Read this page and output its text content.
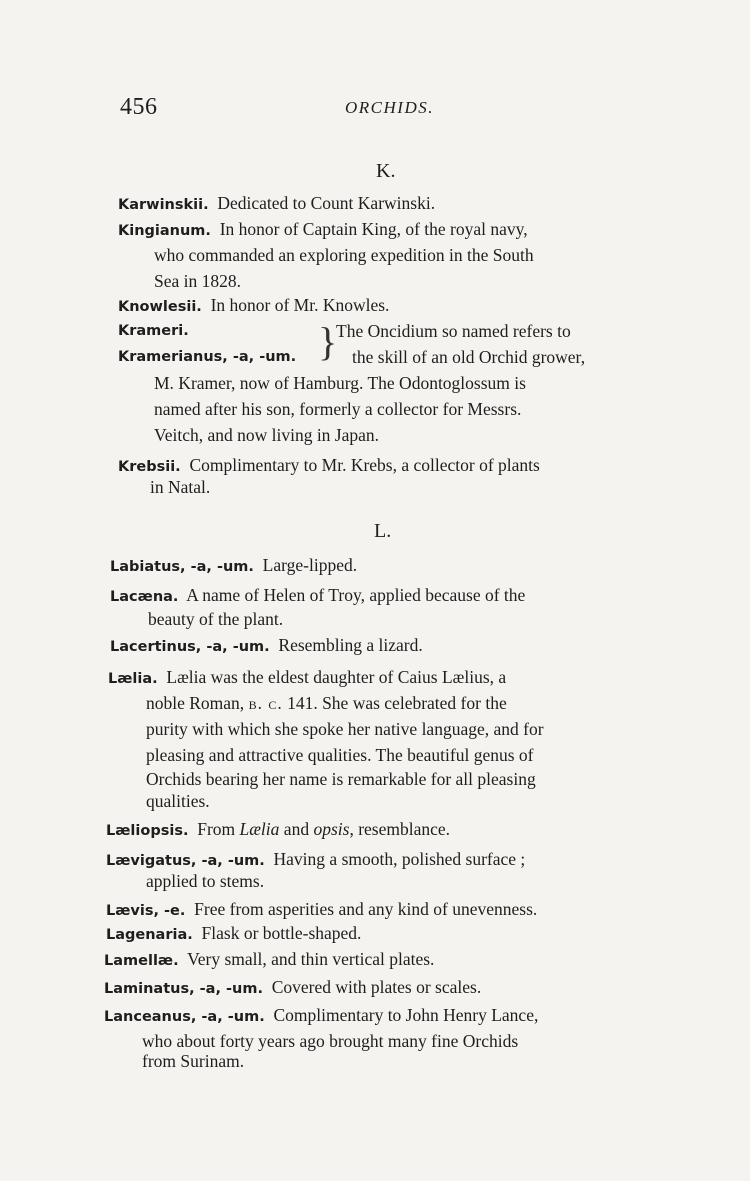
456	ORCHIDS.
K.
Karwinskii. Dedicated to Count Karwinski.
Kingianum. In honor of Captain King, of the royal navy,
who commanded an exploring expedition in the South
Sea in 1828.
Knowlesii. In honor of Mr. Knowles.
Krameri.
Kramerianus, -a, -um. }
The Oncidium so named refers to
the skill of an old Orchid grower,
M. Kramer, now of Hamburg. The Odontoglossum is
named after his son, formerly a collector for Messrs.
Veitch, and now living in Japan.
Krebsii. Complimentary to Mr. Krebs, a collector of plants
in Natal.
L.
Labiatus, -a, -um. Large-lipped.
Lacæna. A name of Helen of Troy, applied because of the
beauty of the plant.
Lacertinus, -a, -um. Resembling a lizard.
Lælia. Lælia was the eldest daughter of Caius Lælius, a
noble Roman, b. c. 141. She was celebrated for the
purity with which she spoke her native language, and for
pleasing and attractive qualities. The beautiful genus of
Orchids bearing her name is remarkable for all pleasing
qualities.
Læliopsis. From Lælia and opsis, resemblance.
Lævigatus, -a, -um. Having a smooth, polished surface ;
applied to stems.
Lævis, -e. Free from asperities and any kind of unevenness.
Lagenaria. Flask or bottle-shaped.
Lamellæ. Very small, and thin vertical plates.
Laminatus, -a, -um. Covered with plates or scales.
Lanceanus, -a, -um. Complimentary to John Henry Lance,
who about forty years ago brought many fine Orchids
from Surinam.
